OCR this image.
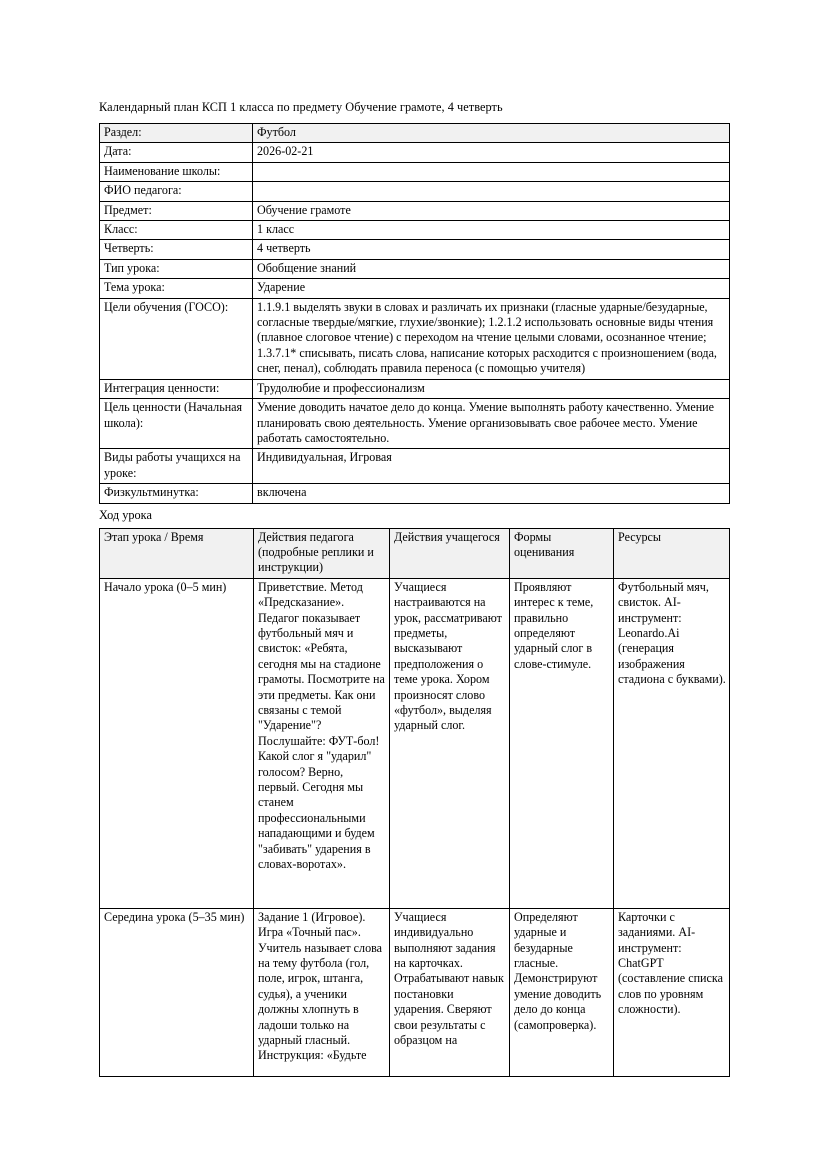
Календарный план КСП 1 класса по предмету Обучение грамоте, 4 четверть
Раздел:	Футбол
Дата:	2026-02-21
Наименование школы:	
ФИО педагога:	
Предмет:	Обучение грамоте
Класс:	1 класс
Четверть:	4 четверть
Тип урока:	Обобщение знаний
Тема урока:	Ударение
Цели обучения (ГОСО):	1.1.9.1 выделять звуки в словах и различать их признаки (гласные ударные/безударные, согласные твердые/мягкие, глухие/звонкие); 1.2.1.2 использовать основные виды чтения (плавное слоговое чтение) с переходом на чтение целыми словами, осознанное чтение; 1.3.7.1* списывать, писать слова, написание которых расходится с произношением (вода, снег, пенал), соблюдать правила переноса (с помощью учителя)
Интеграция ценности:	Трудолюбие и профессионализм
Цель ценности (Начальная школа):	Умение доводить начатое дело до конца. Умение выполнять работу качественно. Умение планировать свою деятельность. Умение организовывать свое рабочее место. Умение работать самостоятельно.
Виды работы учащихся на уроке:	Индивидуальная, Игровая
Физкультминутка:	включена
Ход урока
Этап урока / Время	Действия педагога (подробные реплики и инструкции)	Действия учащегося	Формы оценивания	Ресурсы
Начало урока (0–5 мин)	Приветствие. Метод «Предсказание». Педагог показывает футбольный мяч и свисток: «Ребята, сегодня мы на стадионе грамоты. Посмотрите на эти предметы. Как они связаны с темой "Ударение"? Послушайте: ФУТ-бол! Какой слог я "ударил" голосом? Верно, первый. Сегодня мы станем профессиональными нападающими и будем "забивать" ударения в словах-воротах».	Учащиеся настраиваются на урок, рассматривают предметы, высказывают предположения о теме урока. Хором произносят слово «футбол», выделяя ударный слог.	Проявляют интерес к теме, правильно определяют ударный слог в слове-стимуле.	Футбольный мяч, свисток. AI-инструмент: Leonardo.Ai (генерация изображения стадиона с буквами).
Середина урока (5–35 мин)	Задание 1 (Игровое). Игра «Точный пас». Учитель называет слова на тему футбола (гол, поле, игрок, штанга, судья), а ученики должны хлопнуть в ладоши только на ударный гласный. Инструкция: «Будьте	Учащиеся индивидуально выполняют задания на карточках. Отрабатывают навык постановки ударения. Сверяют свои результаты с образцом на	Определяют ударные и безударные гласные. Демонстрируют умение доводить дело до конца (самопроверка).	Карточки с заданиями. AI-инструмент: ChatGPT (составление списка слов по уровням сложности).
